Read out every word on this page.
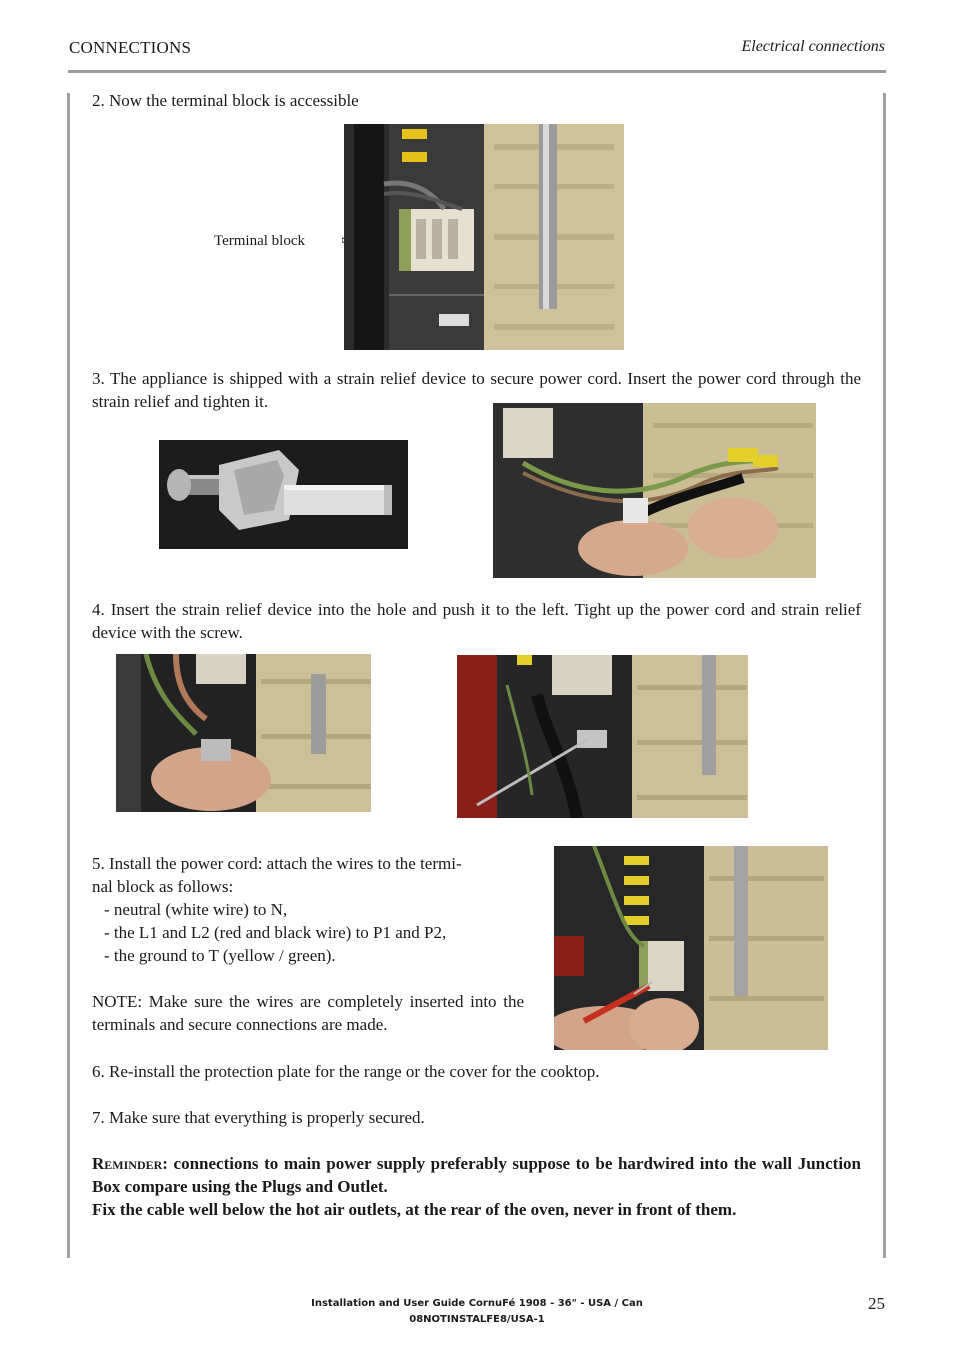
CONNECTIONS	Electrical connections
2. Now the terminal block is accessible
Terminal block
3. The appliance is shipped with a strain relief device to secure power cord. Insert the power cord through the strain relief and tighten it.
4. Insert the strain relief device into the hole and push it to the left. Tight up the power cord and strain relief device with the screw.
5. Install the power cord: attach the wires to the termi-
nal block as follows:
- neutral (white wire) to N,
- the L1 and L2 (red and black wire) to P1 and P2,
- the ground to T (yellow / green).
NOTE: Make sure the wires are completely inserted into the terminals and secure connections are made.
6. Re-install the protection plate for the range or the cover for the cooktop.
7. Make sure that everything is properly secured.
Reminder: connections to main power supply preferably suppose to be hardwired into the wall Junction Box compare using the Plugs and Outlet.
Fix the cable well below the hot air outlets, at the rear of the oven, never in front of them.
Installation and User Guide CornuFé 1908 - 36" - USA / Can
08NOTINSTALFE8/USA-1
25
